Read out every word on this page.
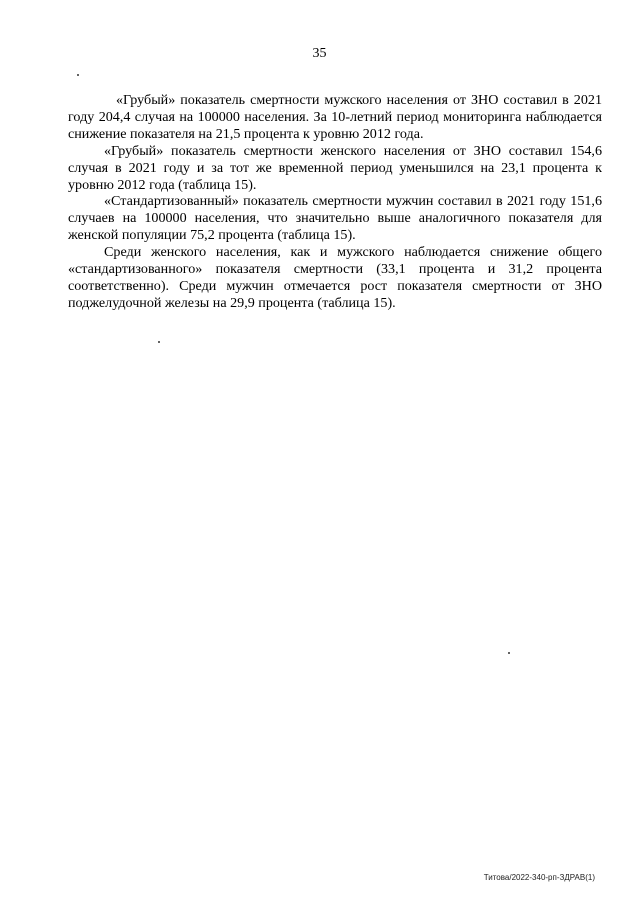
35

«Грубый» показатель смертности мужского населения от ЗНО составил в 2021 году 204,4 случая на 100000 населения. За 10-летний период мониторинга наблюдается снижение показателя на 21,5 процента к уровню 2012 года.

«Грубый» показатель смертности женского населения от ЗНО составил 154,6 случая в 2021 году и за тот же временной период уменьшился на 23,1 процента к уровню 2012 года (таблица 15).

«Стандартизованный» показатель смертности мужчин составил в 2021 году 151,6 случаев на 100000 населения, что значительно выше аналогичного показателя для женской популяции 75,2 процента (таблица 15).

Среди женского населения, как и мужского наблюдается снижение общего «стандартизованного» показателя смертности (33,1 процента и 31,2 процента соответственно). Среди мужчин отмечается рост показателя смертности от ЗНО поджелудочной железы на 29,9 процента (таблица 15).

Титова/2022-340-рп-ЗДРАВ(1)
